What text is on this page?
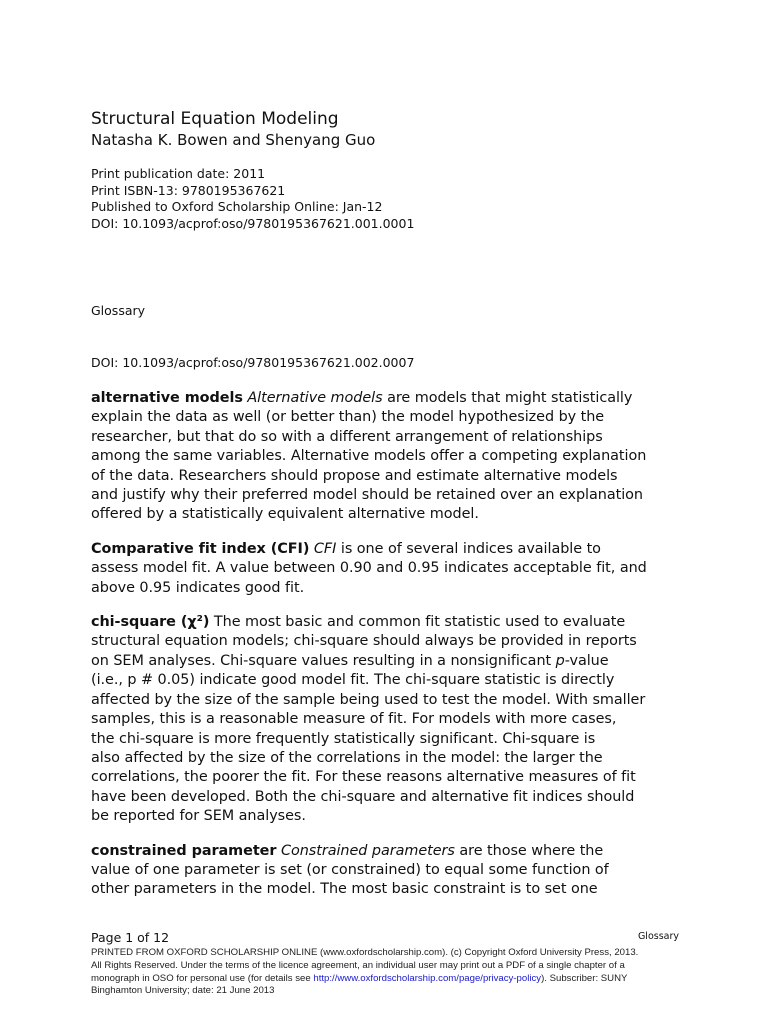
Structural Equation Modeling
Natasha K. Bowen and Shenyang Guo
Print publication date: 2011
Print ISBN-13: 9780195367621
Published to Oxford Scholarship Online: Jan-12
DOI: 10.1093/acprof:oso/9780195367621.001.0001
Glossary
DOI: 10.1093/acprof:oso/9780195367621.002.0007
alternative models Alternative models are models that might statistically
explain the data as well (or better than) the model hypothesized by the
researcher, but that do so with a different arrangement of relationships
among the same variables. Alternative models offer a competing explanation
of the data. Researchers should propose and estimate alternative models
and justify why their preferred model should be retained over an explanation
offered by a statistically equivalent alternative model.
Comparative fit index (CFI) CFI is one of several indices available to
assess model fit. A value between 0.90 and 0.95 indicates acceptable fit, and
above 0.95 indicates good fit.
chi-square (χ²) The most basic and common fit statistic used to evaluate
structural equation models; chi-square should always be provided in reports
on SEM analyses. Chi-square values resulting in a nonsignificant p-value
(i.e., p # 0.05) indicate good model fit. The chi-square statistic is directly
affected by the size of the sample being used to test the model. With smaller
samples, this is a reasonable measure of fit. For models with more cases,
the chi-square is more frequently statistically significant. Chi-square is
also affected by the size of the correlations in the model: the larger the
correlations, the poorer the fit. For these reasons alternative measures of fit
have been developed. Both the chi-square and alternative fit indices should
be reported for SEM analyses.
constrained parameter Constrained parameters are those where the
value of one parameter is set (or constrained) to equal some function of
other parameters in the model. The most basic constraint is to set one
Page 1 of 12	Glossary
PRINTED FROM OXFORD SCHOLARSHIP ONLINE (www.oxfordscholarship.com). (c) Copyright Oxford University Press, 2013.
All Rights Reserved. Under the terms of the licence agreement, an individual user may print out a PDF of a single chapter of a
monograph in OSO for personal use (for details see http://www.oxfordscholarship.com/page/privacy-policy). Subscriber: SUNY
Binghamton University; date: 21 June 2013
